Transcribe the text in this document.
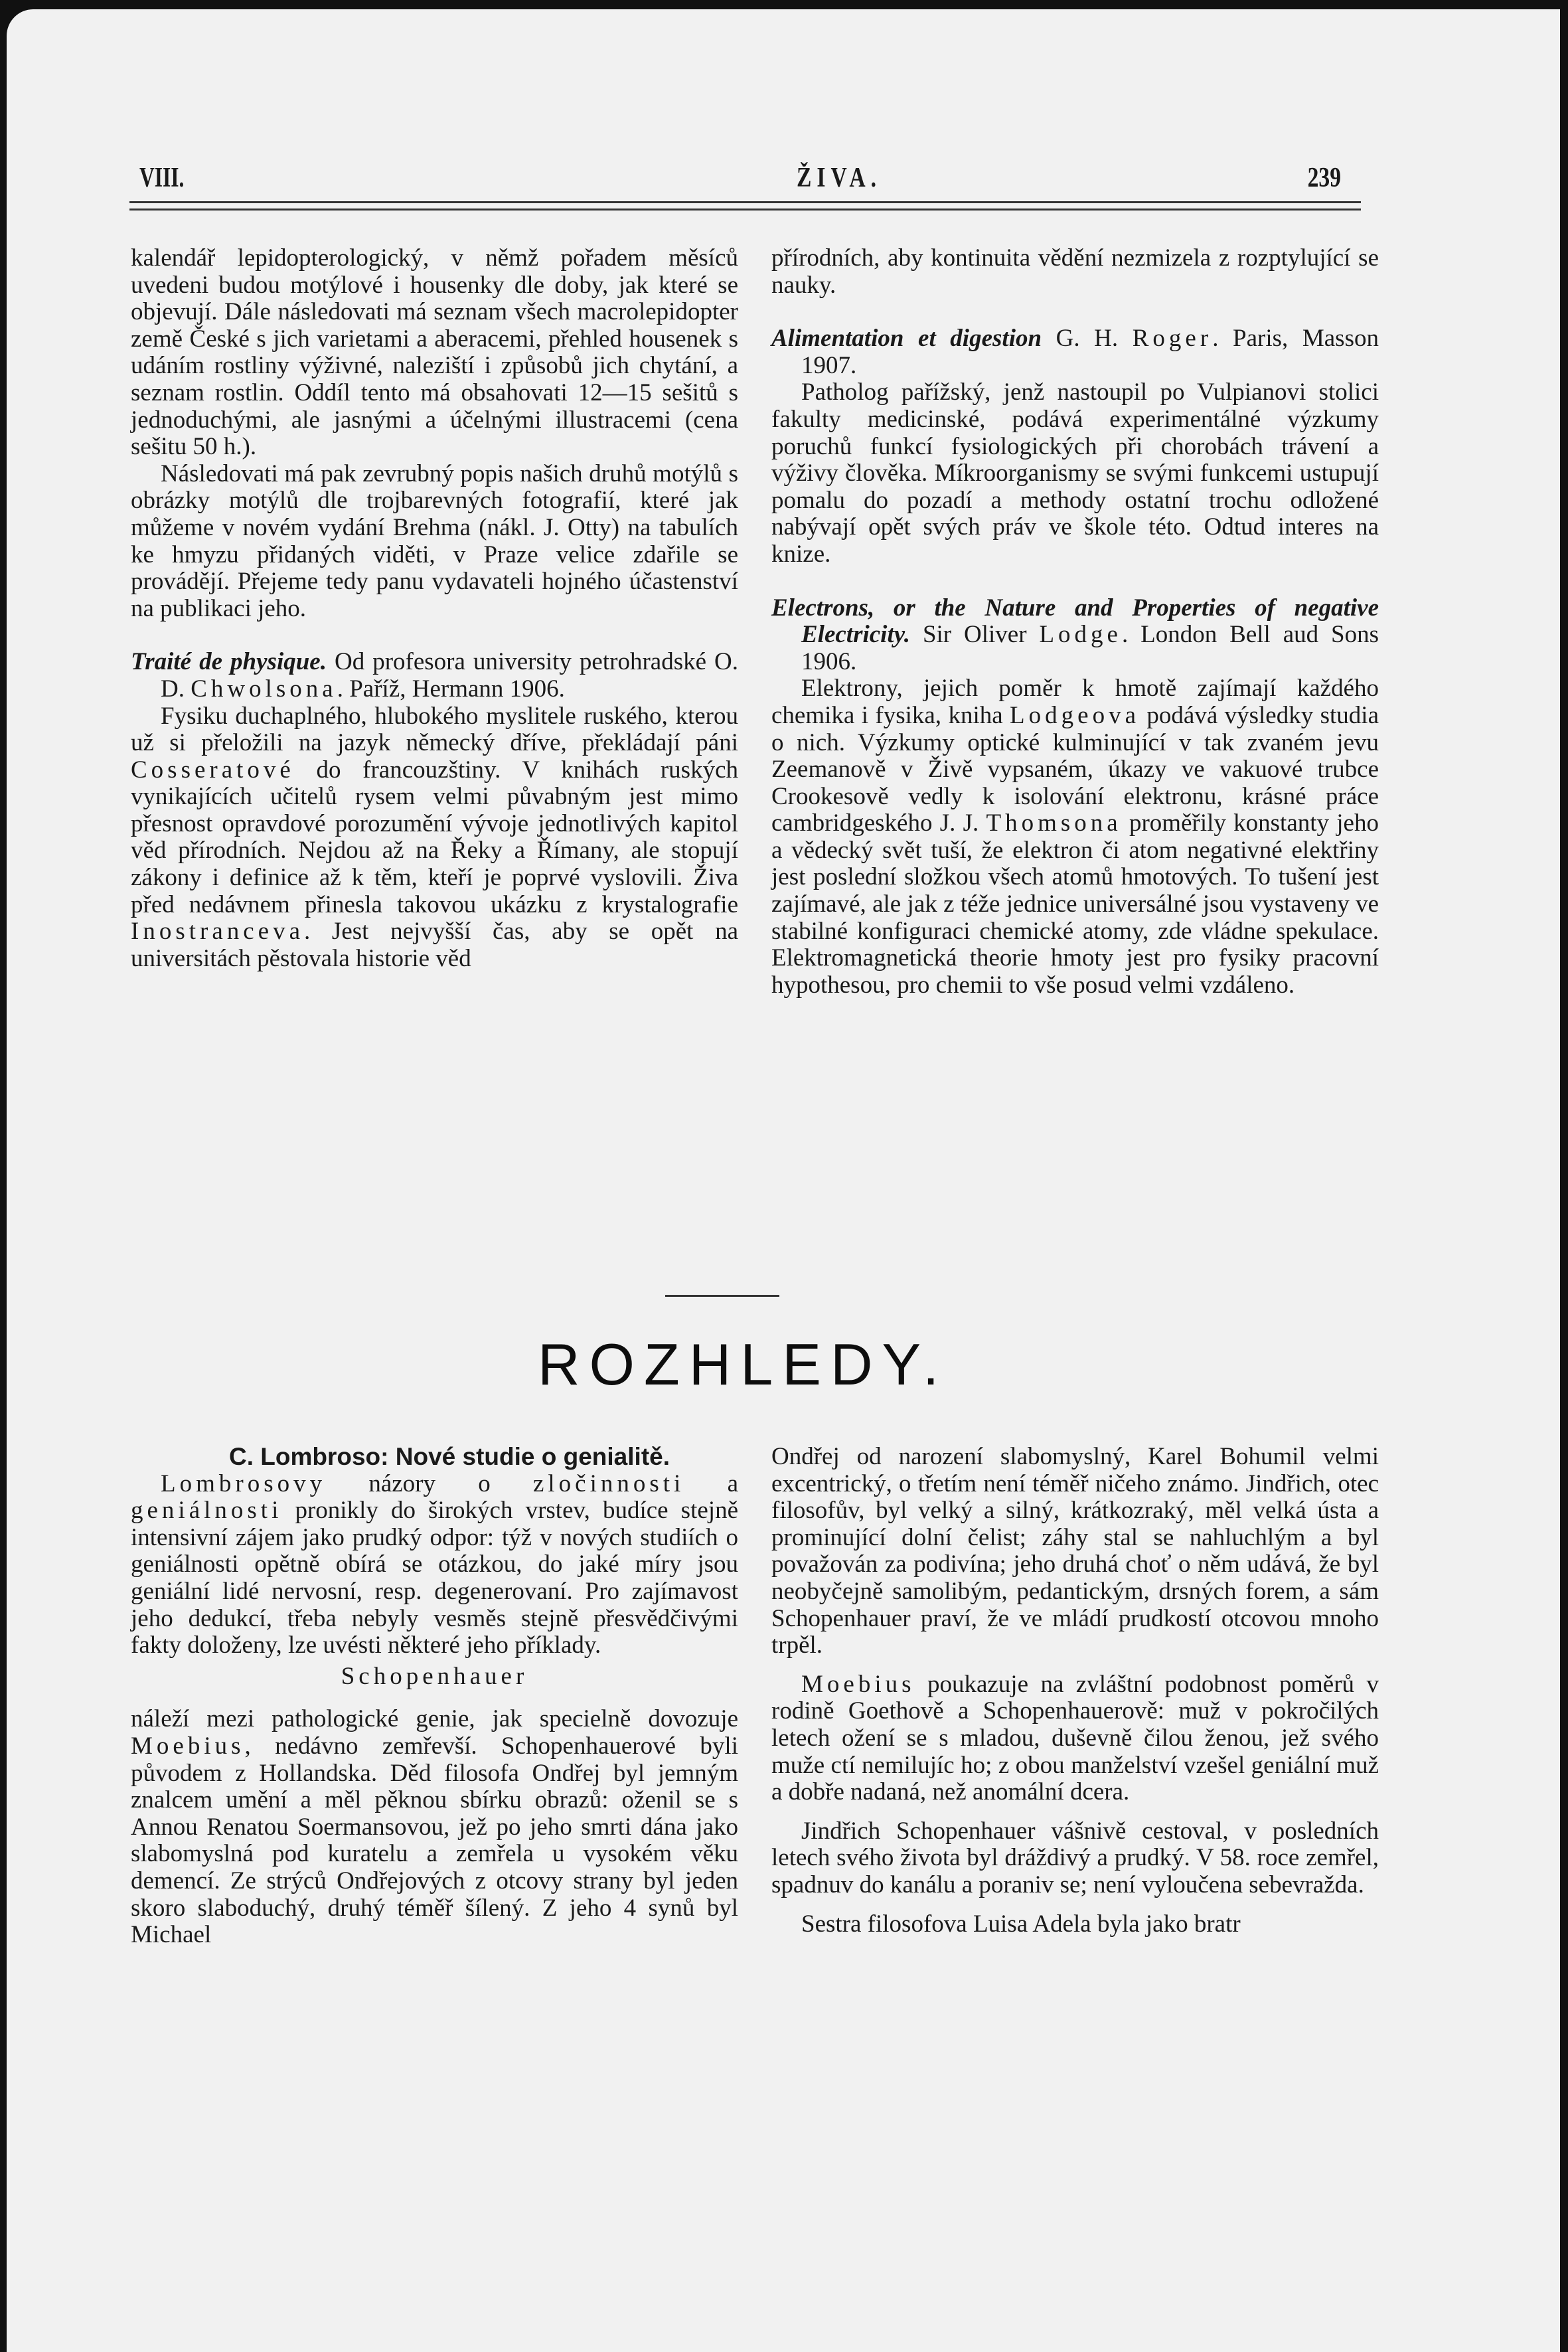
VIII.	ŽIVA.	239

kalendář lepidopterologický, v němž pořadem měsíců uvedeni budou motýlové i housenky dle doby, jak které se objevují. Dále následovati má seznam všech macrolepidopter země České s jich varietami a aberacemi, přehled housenek s udáním rostliny výživné, naleziští i způsobů jich chytání, a seznam rostlin. Oddíl tento má obsahovati 12—15 sešitů s jednoduchými, ale jasnými a účelnými illustracemi (cena sešitu 50 h.).

Následovati má pak zevrubný popis našich druhů motýlů s obrázky motýlů dle trojbarevných fotografií, které jak můžeme v novém vydání Brehma (nákl. J. Otty) na tabulích ke hmyzu přidaných viděti, v Praze velice zdařile se provádějí. Přejeme tedy panu vydavateli hojného účastenství na publikaci jeho.

Traité de physique. Od profesora university petrohradské O. D. Chwolsona. Paříž, Hermann 1906.

Fysiku duchaplného, hlubokého myslitele ruského, kterou už si přeložili na jazyk německý dříve, překládají páni Cosseratové do francouzštiny. V knihách ruských vynikajících učitelů rysem velmi půvabným jest mimo přesnost opravdové porozumění vývoje jednotlivých kapitol věd přírodních. Nejdou až na Řeky a Římany, ale stopují zákony i definice až k těm, kteří je poprvé vyslovili. Živa před nedávnem přinesla takovou ukázku z krystalografie Inostranceva. Jest nejvyšší čas, aby se opět na universitách pěstovala historie věd

přírodních, aby kontinuita vědění nezmizela z rozptylující se nauky.

Alimentation et digestion G. H. Roger. Paris, Masson 1907.

Patholog pařížský, jenž nastoupil po Vulpianovi stolici fakulty medicinské, podává experimentálné výzkumy poruchů funkcí fysiologických při chorobách trávení a výživy člověka. Míkroorganismy se svými funkcemi ustupují pomalu do pozadí a methody ostatní trochu odložené nabývají opět svých práv ve škole této. Odtud interes na knize.

Electrons, or the Nature and Properties of negative Electricity. Sir Oliver Lodge. London Bell aud Sons 1906.

Elektrony, jejich poměr k hmotě zajímají každého chemika i fysika, kniha Lodgeova podává výsledky studia o nich. Výzkumy optické kulminující v tak zvaném jevu Zeemanově v Živě vypsaném, úkazy ve vakuové trubce Crookesově vedly k isolování elektronu, krásné práce cambridgeského J. J. Thomsona proměřily konstanty jeho a vědecký svět tuší, že elektron či atom negativné elektřiny jest poslední složkou všech atomů hmotových. To tušení jest zajímavé, ale jak z téže jednice universálné jsou vystaveny ve stabilné konfiguraci chemické atomy, zde vládne spekulace. Elektromagnetická theorie hmoty jest pro fysiky pracovní hypothesou, pro chemii to vše posud velmi vzdáleno.

ROZHLEDY.

C. Lombroso: Nové studie o genialitě.

Lombrosovy názory o zločinnosti a geniálnosti pronikly do širokých vrstev, budíce stejně intensivní zájem jako prudký odpor: týž v nových studiích o geniálnosti opětně obírá se otázkou, do jaké míry jsou geniální lidé nervosní, resp. degenerovaní. Pro zajímavost jeho dedukcí, třeba nebyly vesměs stejně přesvědčivými fakty doloženy, lze uvésti některé jeho příklady.

Schopenhauer

náleží mezi pathologické genie, jak specielně dovozuje Moebius, nedávno zemřevší. Schopenhauerové byli původem z Hollandska. Děd filosofa Ondřej byl jemným znalcem umění a měl pěknou sbírku obrazů: oženil se s Annou Renatou Soermansovou, jež po jeho smrti dána jako slabomyslná pod kuratelu a zemřela u vysokém věku demencí. Ze strýců Ondřejových z otcovy strany byl jeden skoro slaboduchý, druhý téměř šílený. Z jeho 4 synů byl Michael

Ondřej od narození slabomyslný, Karel Bohumil velmi excentrický, o třetím není téměř ničeho známo. Jindřich, otec filosofův, byl velký a silný, krátkozraký, měl velká ústa a prominující dolní čelist; záhy stal se nahluchlým a byl považován za podivína; jeho druhá choť o něm udává, že byl neobyčejně samolibým, pedantickým, drsných forem, a sám Schopenhauer praví, že ve mládí prudkostí otcovou mnoho trpěl.

Moebius poukazuje na zvláštní podobnost poměrů v rodině Goethově a Schopenhauerově: muž v pokročilých letech ožení se s mladou, duševně čilou ženou, jež svého muže ctí nemilujíc ho; z obou manželství vzešel geniální muž a dobře nadaná, než anomální dcera.

Jindřich Schopenhauer vášnivě cestoval, v posledních letech svého života byl dráždivý a prudký. V 58. roce zemřel, spadnuv do kanálu a poraniv se; není vyloučena sebevražda.

Sestra filosofova Luisa Adela byla jako bratr
